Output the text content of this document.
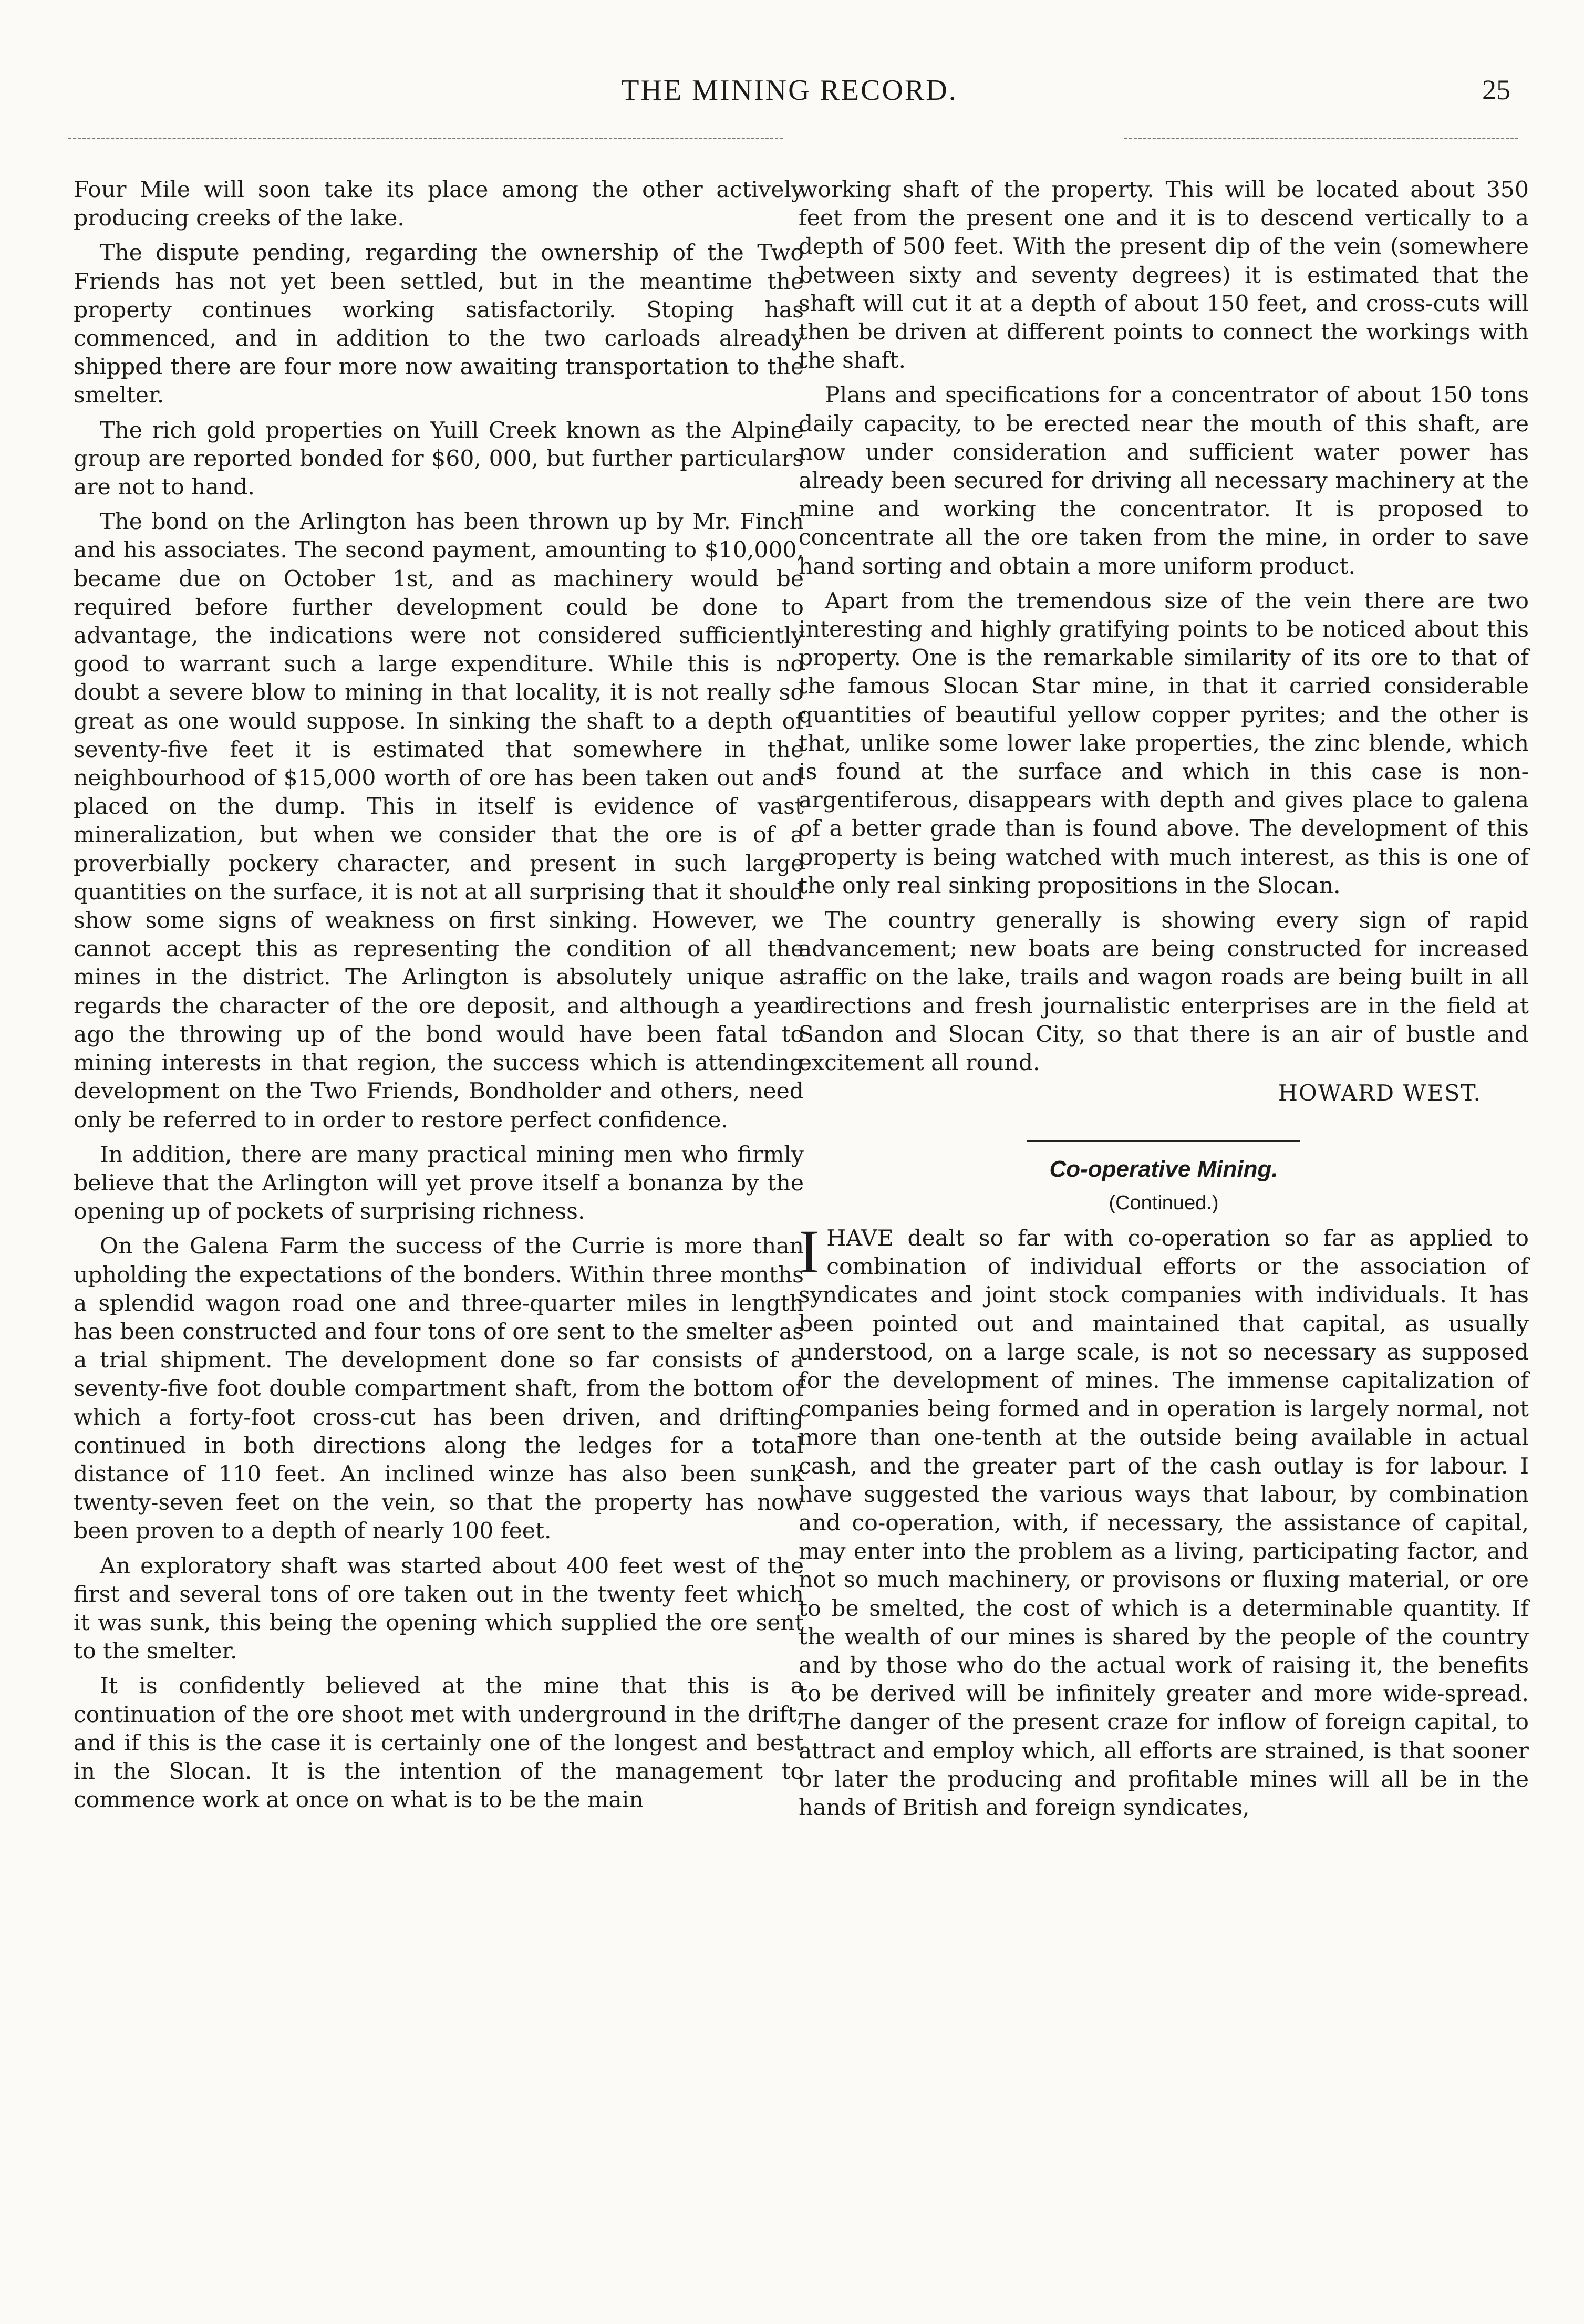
THE MINING RECORD.	25

Four Mile will soon take its place among the other actively producing creeks of the lake.

The dispute pending, regarding the ownership of the Two Friends has not yet been settled, but in the meantime the property continues working satisfactorily. Stoping has commenced, and in addition to the two carloads already shipped there are four more now awaiting transportation to the smelter.

The rich gold properties on Yuill Creek known as the Alpine group are reported bonded for $60, 000, but further particulars are not to hand.

The bond on the Arlington has been thrown up by Mr. Finch and his associates. The second payment, amounting to $10,000, became due on October 1st, and as machinery would be required before further development could be done to advantage, the indications were not considered sufficiently good to warrant such a large expenditure. While this is no doubt a severe blow to mining in that locality, it is not really so great as one would suppose. In sinking the shaft to a depth of seventy-five feet it is estimated that somewhere in the neighbourhood of $15,000 worth of ore has been taken out and placed on the dump. This in itself is evidence of vast mineralization, but when we consider that the ore is of a proverbially pockery character, and present in such large quantities on the surface, it is not at all surprising that it should show some signs of weakness on first sinking. However, we cannot accept this as representing the condition of all the mines in the district. The Arlington is absolutely unique as regards the character of the ore deposit, and although a year ago the throwing up of the bond would have been fatal to mining interests in that region, the success which is attending development on the Two Friends, Bondholder and others, need only be referred to in order to restore perfect confidence.

In addition, there are many practical mining men who firmly believe that the Arlington will yet prove itself a bonanza by the opening up of pockets of surprising richness.

On the Galena Farm the success of the Currie is more than upholding the expectations of the bonders. Within three months a splendid wagon road one and three-quarter miles in length has been constructed and four tons of ore sent to the smelter as a trial shipment. The development done so far consists of a seventy-five foot double compartment shaft, from the bottom of which a forty-foot cross-cut has been driven, and drifting continued in both directions along the ledges for a total distance of 110 feet. An inclined winze has also been sunk twenty-seven feet on the vein, so that the property has now been proven to a depth of nearly 100 feet.

An exploratory shaft was started about 400 feet west of the first and several tons of ore taken out in the twenty feet which it was sunk, this being the opening which supplied the ore sent to the smelter.

It is confidently believed at the mine that this is a continuation of the ore shoot met with underground in the drift, and if this is the case it is certainly one of the longest and best in the Slocan. It is the intention of the management to commence work at once on what is to be the main

working shaft of the property. This will be located about 350 feet from the present one and it is to descend vertically to a depth of 500 feet. With the present dip of the vein (somewhere between sixty and seventy degrees) it is estimated that the shaft will cut it at a depth of about 150 feet, and cross-cuts will then be driven at different points to connect the workings with the shaft.

Plans and specifications for a concentrator of about 150 tons daily capacity, to be erected near the mouth of this shaft, are now under consideration and sufficient water power has already been secured for driving all necessary machinery at the mine and working the concentrator. It is proposed to concentrate all the ore taken from the mine, in order to save hand sorting and obtain a more uniform product.

Apart from the tremendous size of the vein there are two interesting and highly gratifying points to be noticed about this property. One is the remarkable similarity of its ore to that of the famous Slocan Star mine, in that it carried considerable quantities of beautiful yellow copper pyrites; and the other is that, unlike some lower lake properties, the zinc blende, which is found at the surface and which in this case is non-argentiferous, disappears with depth and gives place to galena of a better grade than is found above. The development of this property is being watched with much interest, as this is one of the only real sinking propositions in the Slocan.

The country generally is showing every sign of rapid advancement; new boats are being constructed for increased traffic on the lake, trails and wagon roads are being built in all directions and fresh journalistic enterprises are in the field at Sandon and Slocan City, so that there is an air of bustle and excitement all round.

HOWARD WEST.
Co-operative Mining.
(Continued.)

IHAVE dealt so far with co-operation so far as applied to combination of individual efforts or the association of syndicates and joint stock companies with individuals. It has been pointed out and maintained that capital, as usually understood, on a large scale, is not so necessary as supposed for the development of mines. The immense capitalization of companies being formed and in operation is largely normal, not more than one-tenth at the outside being available in actual cash, and the greater part of the cash outlay is for labour. I have suggested the various ways that labour, by combination and co-operation, with, if necessary, the assistance of capital, may enter into the problem as a living, participating factor, and not so much machinery, or provisons or fluxing material, or ore to be smelted, the cost of which is a determinable quantity. If the wealth of our mines is shared by the people of the country and by those who do the actual work of raising it, the benefits to be derived will be infinitely greater and more wide-spread. The danger of the present craze for inflow of foreign capital, to attract and employ which, all efforts are strained, is that sooner or later the producing and profitable mines will all be in the hands of British and foreign syndicates,
